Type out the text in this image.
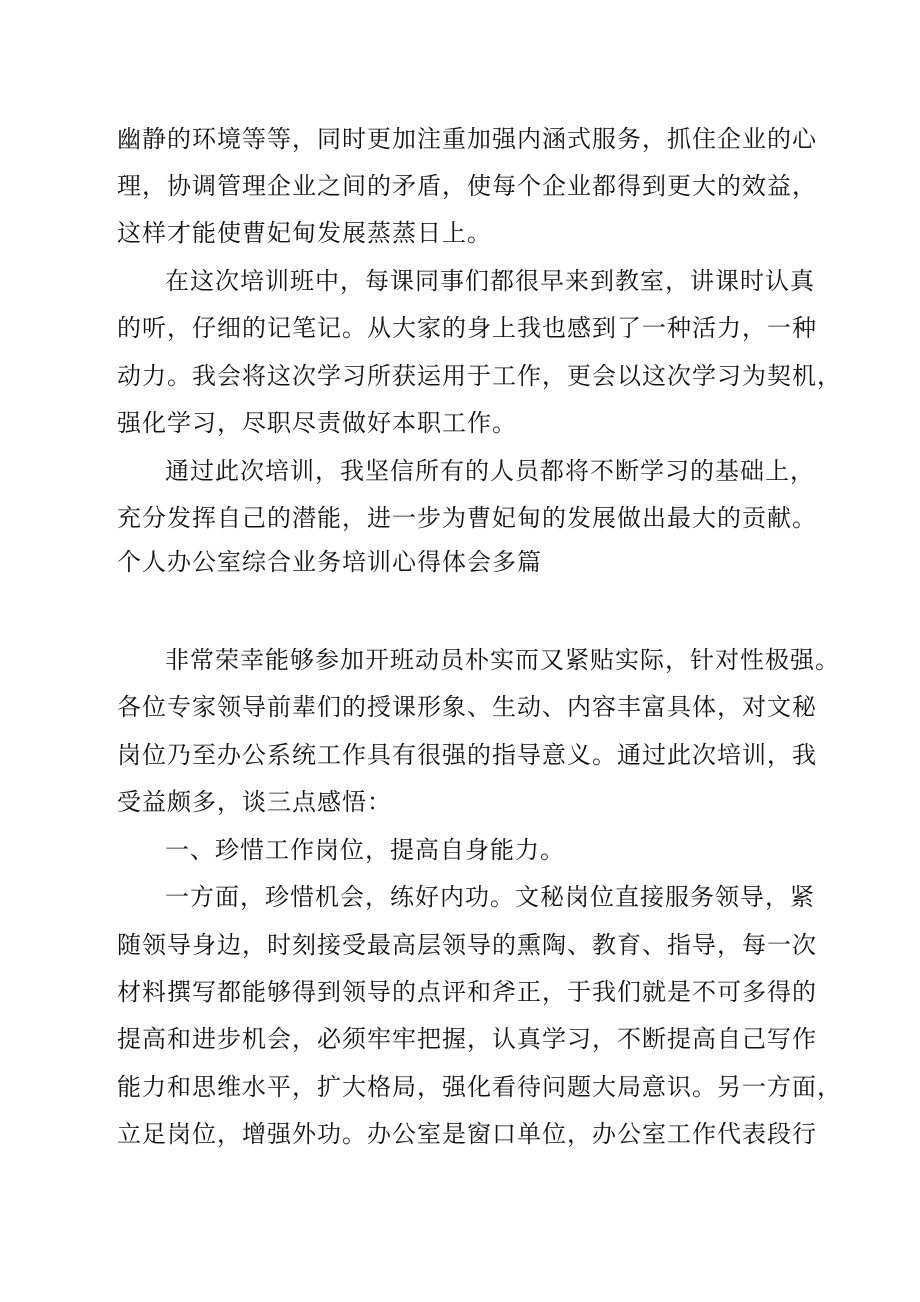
幽静的环境等等，同时更加注重加强内涵式服务，抓住企业的心
理，协调管理企业之间的矛盾，使每个企业都得到更大的效益，
这样才能使曹妃甸发展蒸蒸日上。
在这次培训班中，每课同事们都很早来到教室，讲课时认真
的听，仔细的记笔记。从大家的身上我也感到了一种活力，一种
动力。我会将这次学习所获运用于工作，更会以这次学习为契机，
强化学习，尽职尽责做好本职工作。
通过此次培训，我坚信所有的人员都将不断学习的基础上，
充分发挥自己的潜能，进一步为曹妃甸的发展做出最大的贡献。
个人办公室综合业务培训心得体会多篇
非常荣幸能够参加开班动员朴实而又紧贴实际，针对性极强。
各位专家领导前辈们的授课形象、生动、内容丰富具体，对文秘
岗位乃至办公系统工作具有很强的指导意义。通过此次培训，我
受益颇多，谈三点感悟：
一、珍惜工作岗位，提高自身能力。
一方面，珍惜机会，练好内功。文秘岗位直接服务领导，紧
随领导身边，时刻接受最高层领导的熏陶、教育、指导，每一次
材料撰写都能够得到领导的点评和斧正，于我们就是不可多得的
提高和进步机会，必须牢牢把握，认真学习，不断提高自己写作
能力和思维水平，扩大格局，强化看待问题大局意识。另一方面，
立足岗位，增强外功。办公室是窗口单位，办公室工作代表段行
